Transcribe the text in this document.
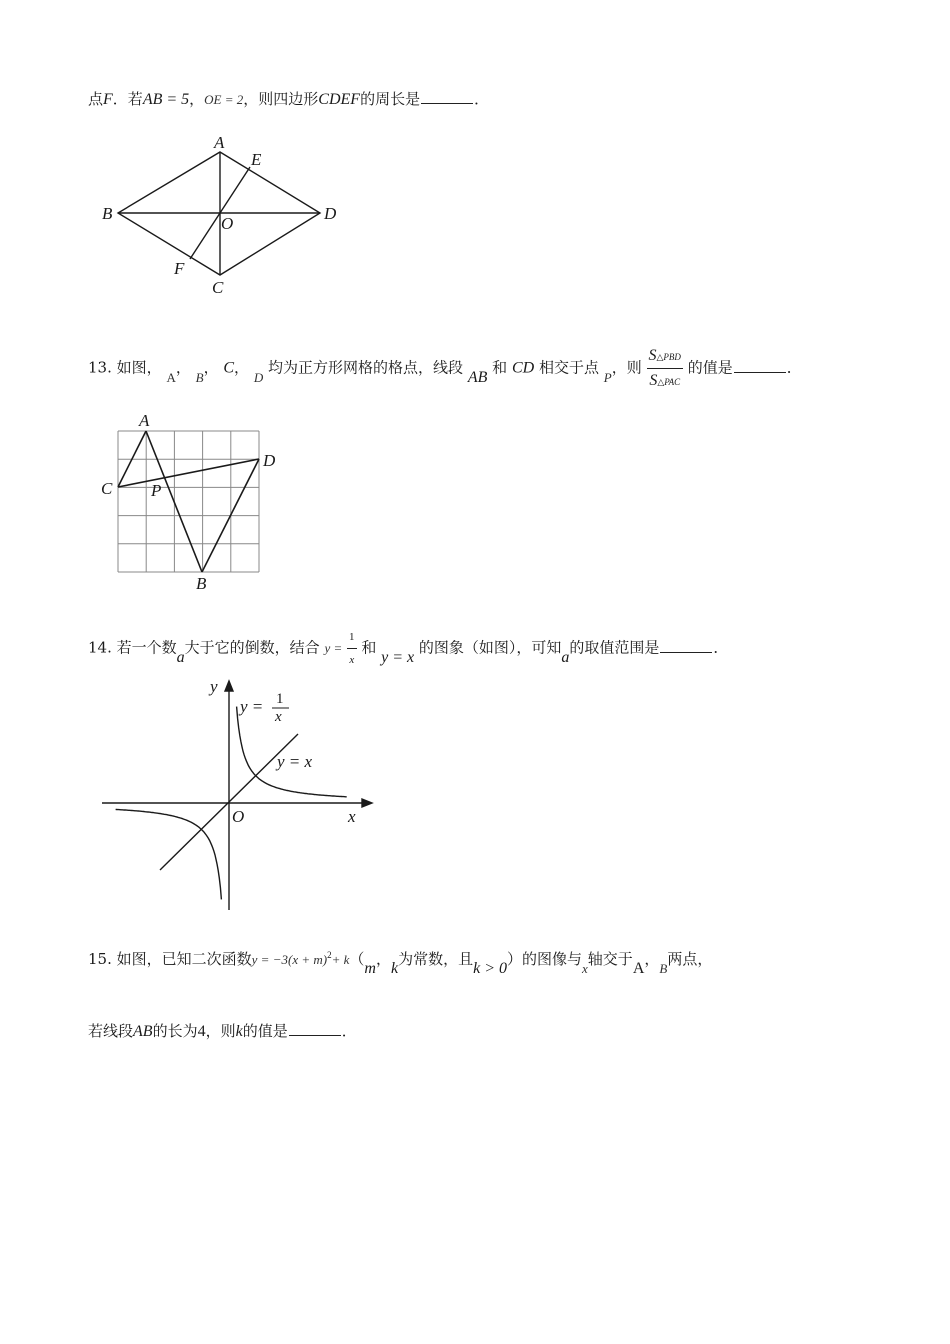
点F．若AB = 5，OE = 2，则四边形CDEF的周长是	．
A
B
C
D
E
F
O
13. 如图， A， B， C， D 均为正方形网格的格点，线段 AB 和 CD 相交于点 P，则 $\frac{\text{S△PBD}}{\text{S△PAC}}$ 的值是	．
A
B
C
D
P
14. 若一个数a大于它的倒数，结合 $y = \frac{1}{x}$ 和 y = x 的图象（如图），可知a的取值范围是	．
y
x
O
y = 1
x
y = x
15. 如图，已知二次函数$y = -3(x + m)^2+ k(m$，k为常数，且k > 0）的图像与x轴交于A，B两点，
若线段AB的长为4，则k的值是	．
